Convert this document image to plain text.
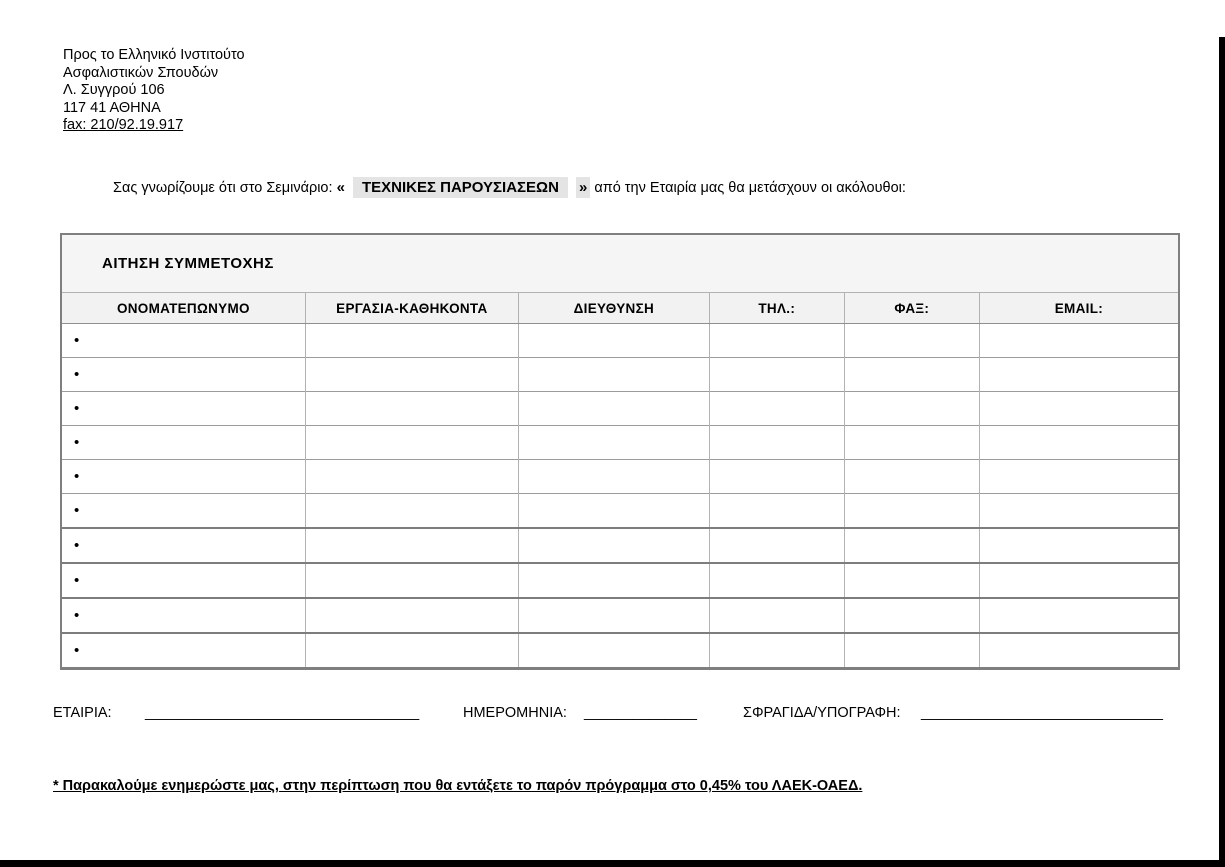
Προς το Ελληνικό Ινστιτούτο
Ασφαλιστικών Σπουδών
Λ. Συγγρού 106
117 41 ΑΘΗΝΑ
fax: 210/92.19.917
Σας γνωρίζουμε ότι στο Σεμινάριο: « ΤΕΧΝΙΚΕΣ ΠΑΡΟΥΣΙΑΣΕΩΝ » από την Εταιρία μας θα μετάσχουν οι ακόλουθοι:
ΑΙΤΗΣΗ ΣΥΜΜΕΤΟΧΗΣ
ΟΝΟΜΑΤΕΠΩΝΥΜΟ	ΕΡΓΑΣΙΑ-ΚΑΘΗΚΟΝΤΑ	ΔΙΕΥΘΥΝΣΗ	ΤΗΛ.:	ΦΑΞ:	EMAIL:
•					
•					
•					
•					
•					
•					
•					
•					
•					
•					
ΕΤΑΙΡΙΑ: __________________________________	ΗΜΕΡΟΜΗΝΙΑ: ______________	ΣΦΡΑΓΙΔΑ/ΥΠΟΓΡΑΦΗ: ______________________________
* Παρακαλούμε ενημερώστε μας, στην περίπτωση που θα εντάξετε το παρόν πρόγραμμα στο 0,45% του ΛΑΕΚ-ΟΑΕΔ.
